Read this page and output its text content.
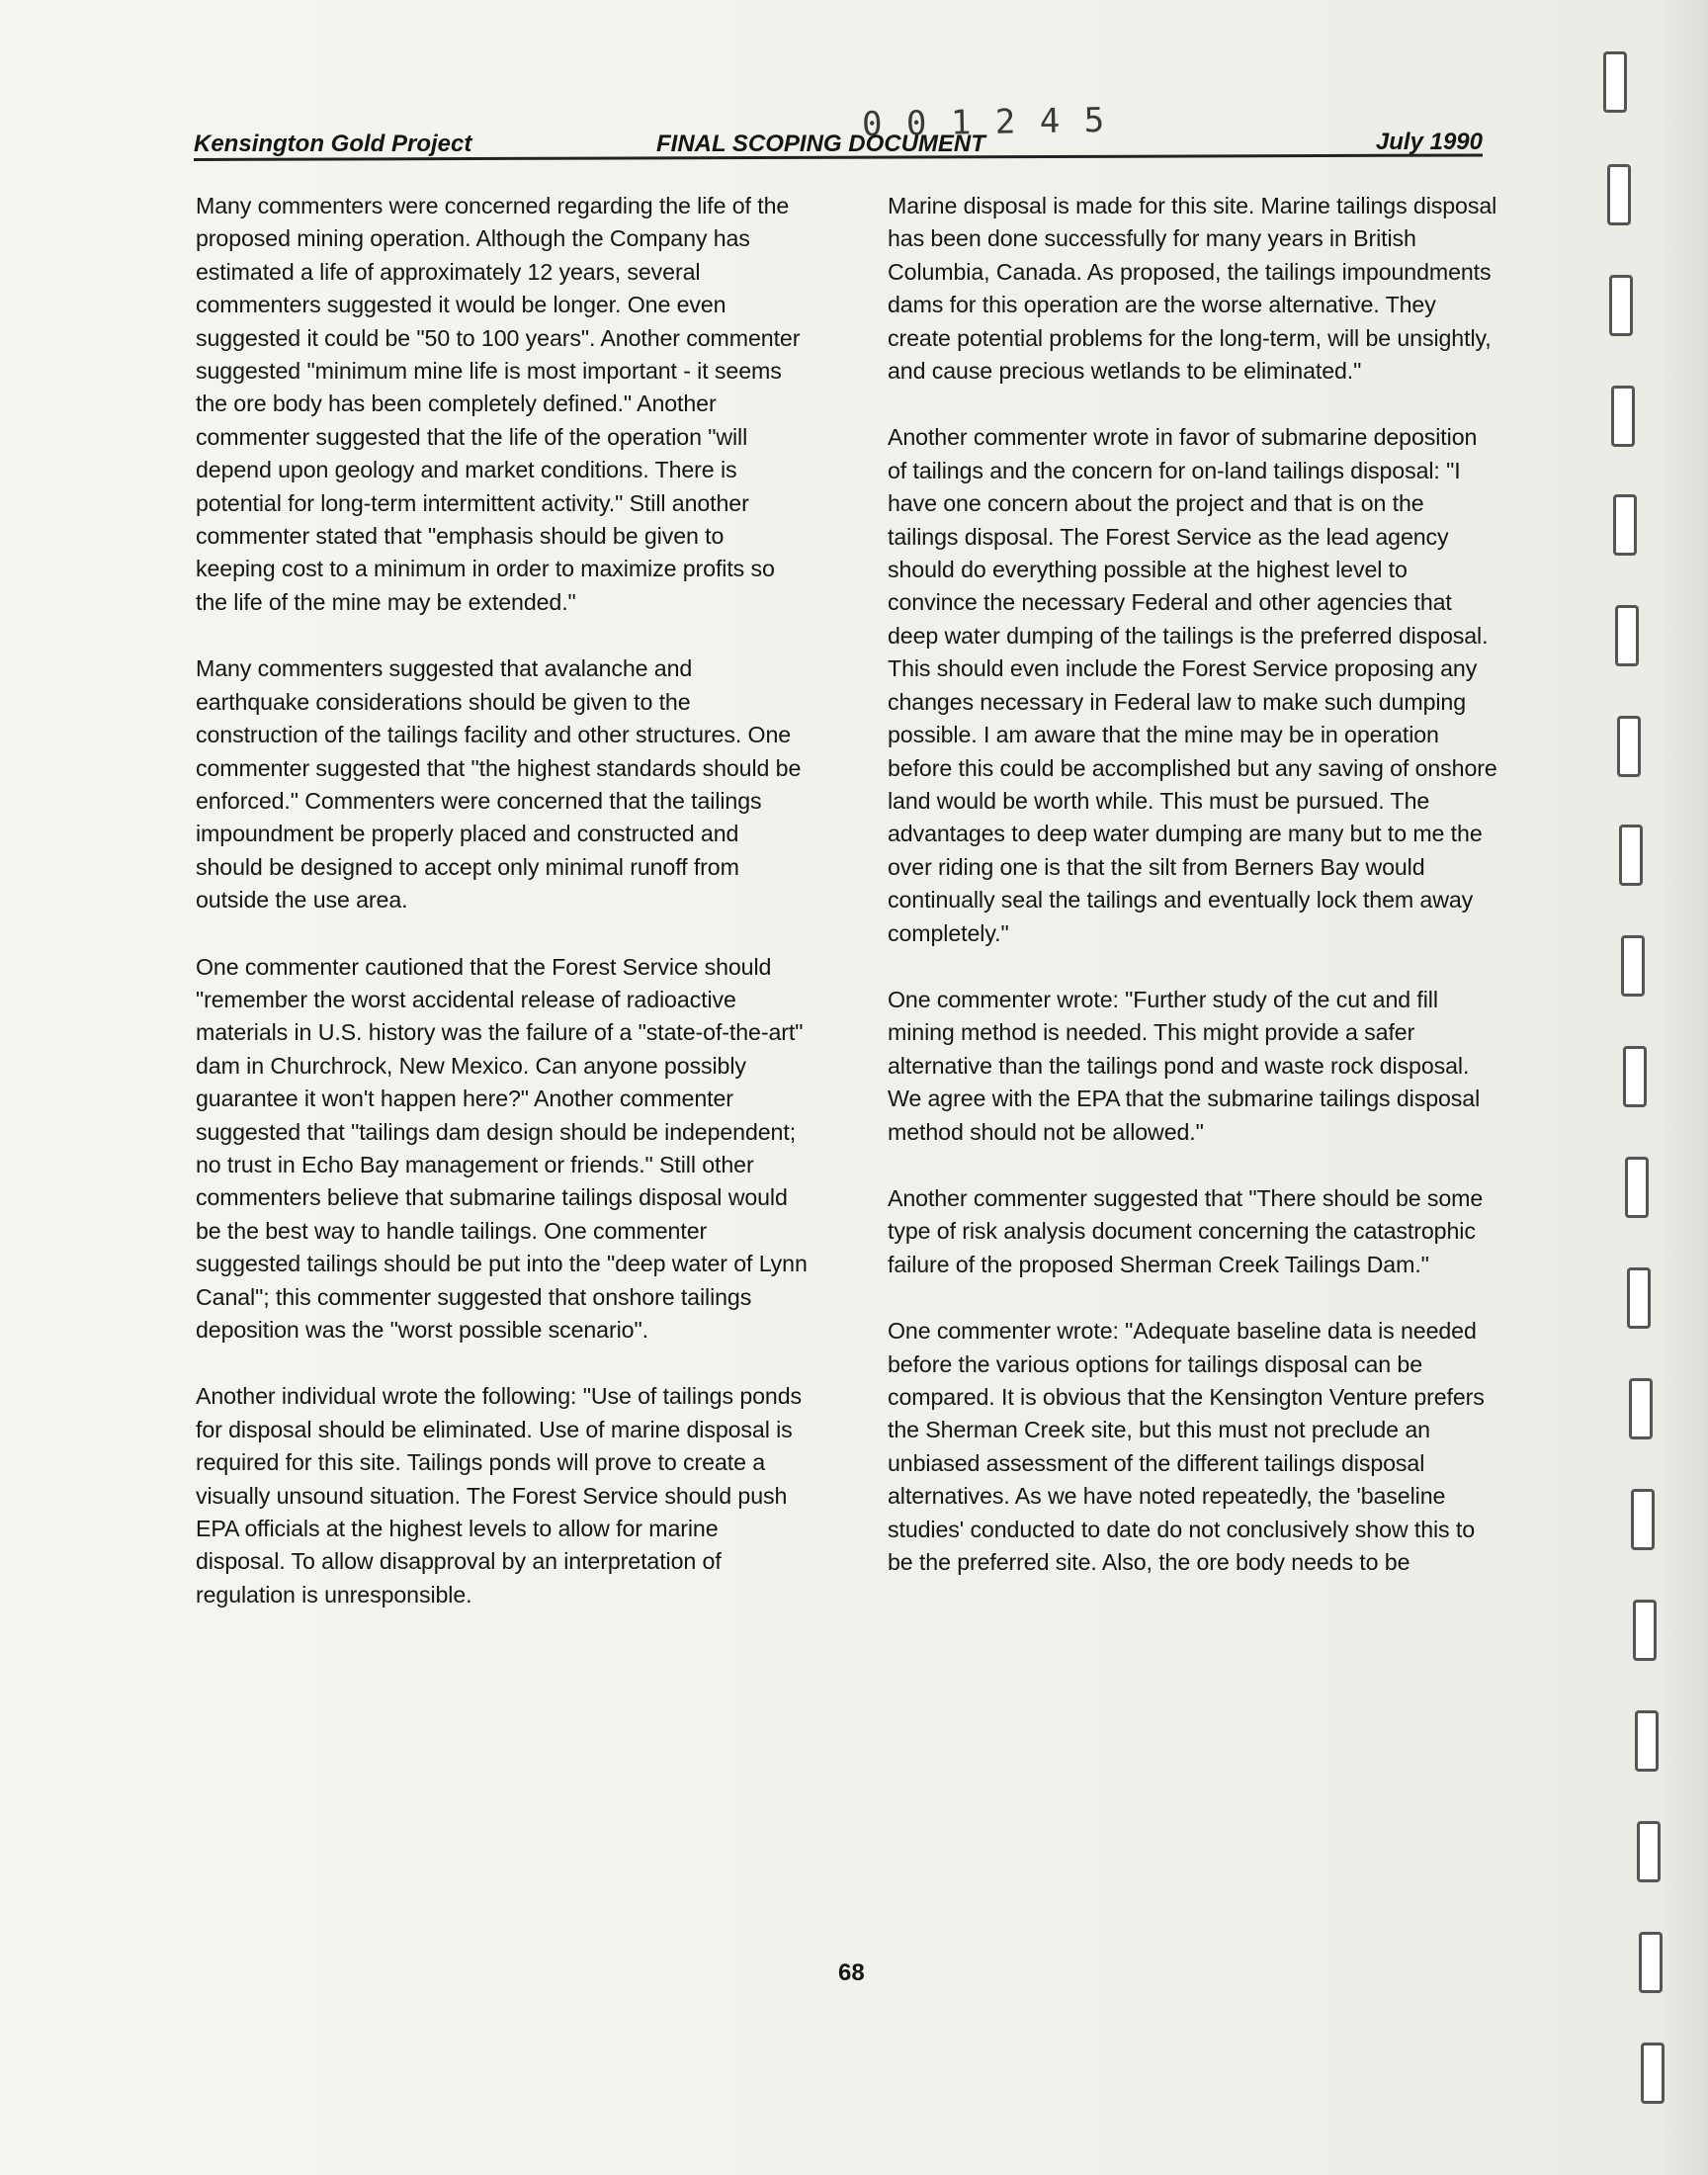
0 0 1 2 4 5
Kensington Gold Project	FINAL SCOPING DOCUMENT	July 1990

Many commenters were concerned regarding the life of the proposed mining operation. Although the Company has estimated a life of approximately 12 years, several commenters suggested it would be longer. One even suggested it could be "50 to 100 years". Another commenter suggested "minimum mine life is most important - it seems the ore body has been completely defined." Another commenter suggested that the life of the operation "will depend upon geology and market conditions. There is potential for long-term intermittent activity." Still another commenter stated that "emphasis should be given to keeping cost to a minimum in order to maximize profits so the life of the mine may be extended."

Many commenters suggested that avalanche and earthquake considerations should be given to the construction of the tailings facility and other structures. One commenter suggested that "the highest standards should be enforced." Commenters were concerned that the tailings impoundment be properly placed and constructed and should be designed to accept only minimal runoff from outside the use area.

One commenter cautioned that the Forest Service should "remember the worst accidental release of radioactive materials in U.S. history was the failure of a "state-of-the-art" dam in Churchrock, New Mexico. Can anyone possibly guarantee it won't happen here?" Another commenter suggested that "tailings dam design should be independent; no trust in Echo Bay management or friends." Still other commenters believe that submarine tailings disposal would be the best way to handle tailings. One commenter suggested tailings should be put into the "deep water of Lynn Canal"; this commenter suggested that onshore tailings deposition was the "worst possible scenario".

Another individual wrote the following: "Use of tailings ponds for disposal should be eliminated. Use of marine disposal is required for this site. Tailings ponds will prove to create a visually unsound situation. The Forest Service should push EPA officials at the highest levels to allow for marine disposal. To allow disapproval by an interpretation of regulation is unresponsible.

Marine disposal is made for this site. Marine tailings disposal has been done successfully for many years in British Columbia, Canada. As proposed, the tailings impoundments dams for this operation are the worse alternative. They create potential problems for the long-term, will be unsightly, and cause precious wetlands to be eliminated."

Another commenter wrote in favor of submarine deposition of tailings and the concern for on-land tailings disposal: "I have one concern about the project and that is on the tailings disposal. The Forest Service as the lead agency should do everything possible at the highest level to convince the necessary Federal and other agencies that deep water dumping of the tailings is the preferred disposal. This should even include the Forest Service proposing any changes necessary in Federal law to make such dumping possible. I am aware that the mine may be in operation before this could be accomplished but any saving of onshore land would be worth while. This must be pursued. The advantages to deep water dumping are many but to me the over riding one is that the silt from Berners Bay would continually seal the tailings and eventually lock them away completely."

One commenter wrote: "Further study of the cut and fill mining method is needed. This might provide a safer alternative than the tailings pond and waste rock disposal. We agree with the EPA that the submarine tailings disposal method should not be allowed."

Another commenter suggested that "There should be some type of risk analysis document concerning the catastrophic failure of the proposed Sherman Creek Tailings Dam."

One commenter wrote: "Adequate baseline data is needed before the various options for tailings disposal can be compared. It is obvious that the Kensington Venture prefers the Sherman Creek site, but this must not preclude an unbiased assessment of the different tailings disposal alternatives. As we have noted repeatedly, the 'baseline studies' conducted to date do not conclusively show this to be the preferred site. Also, the ore body needs to be

68
